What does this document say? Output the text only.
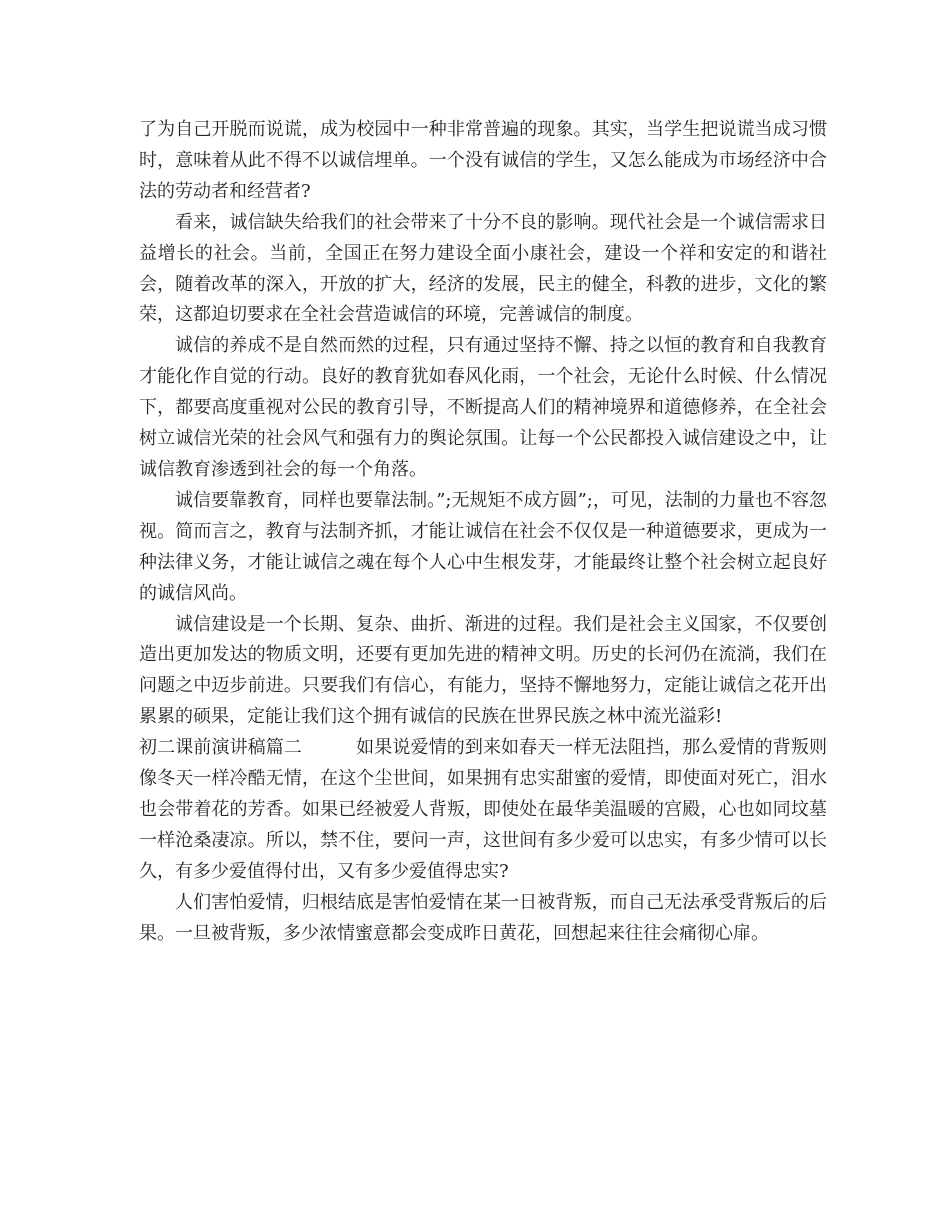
了为自己开脱而说谎，成为校园中一种非常普遍的现象。其实，当学生把说谎当成习惯时，意味着从此不得不以诚信埋单。一个没有诚信的学生，又怎么能成为市场经济中合法的劳动者和经营者?

看来，诚信缺失给我们的社会带来了十分不良的影响。现代社会是一个诚信需求日益增长的社会。当前，全国正在努力建设全面小康社会，建设一个祥和安定的和谐社会，随着改革的深入，开放的扩大，经济的发展，民主的健全，科教的进步，文化的繁荣，这都迫切要求在全社会营造诚信的环境，完善诚信的制度。

诚信的养成不是自然而然的过程，只有通过坚持不懈、持之以恒的教育和自我教育才能化作自觉的行动。良好的教育犹如春风化雨，一个社会，无论什么时候、什么情况下，都要高度重视对公民的教育引导，不断提高人们的精神境界和道德修养，在全社会树立诚信光荣的社会风气和强有力的舆论氛围。让每一个公民都投入诚信建设之中，让诚信教育渗透到社会的每一个角落。

诚信要靠教育，同样也要靠法制。”;无规矩不成方圆”;，可见，法制的力量也不容忽视。简而言之，教育与法制齐抓，才能让诚信在社会不仅仅是一种道德要求，更成为一种法律义务，才能让诚信之魂在每个人心中生根发芽，才能最终让整个社会树立起良好的诚信风尚。

诚信建设是一个长期、复杂、曲折、渐进的过程。我们是社会主义国家，不仅要创造出更加发达的物质文明，还要有更加先进的精神文明。历史的长河仍在流淌，我们在问题之中迈步前进。只要我们有信心，有能力，坚持不懈地努力，定能让诚信之花开出累累的硕果，定能让我们这个拥有诚信的民族在世界民族之林中流光溢彩!

初二课前演讲稿篇二	如果说爱情的到来如春天一样无法阻挡，那么爱情的背叛则像冬天一样冷酷无情，在这个尘世间，如果拥有忠实甜蜜的爱情，即使面对死亡，泪水也会带着花的芳香。如果已经被爱人背叛，即使处在最华美温暖的宫殿，心也如同坟墓一样沧桑凄凉。所以，禁不住，要问一声，这世间有多少爱可以忠实，有多少情可以长久，有多少爱值得付出，又有多少爱值得忠实?

人们害怕爱情，归根结底是害怕爱情在某一日被背叛，而自己无法承受背叛后的后果。一旦被背叛，多少浓情蜜意都会变成昨日黄花，回想起来往往会痛彻心扉。
